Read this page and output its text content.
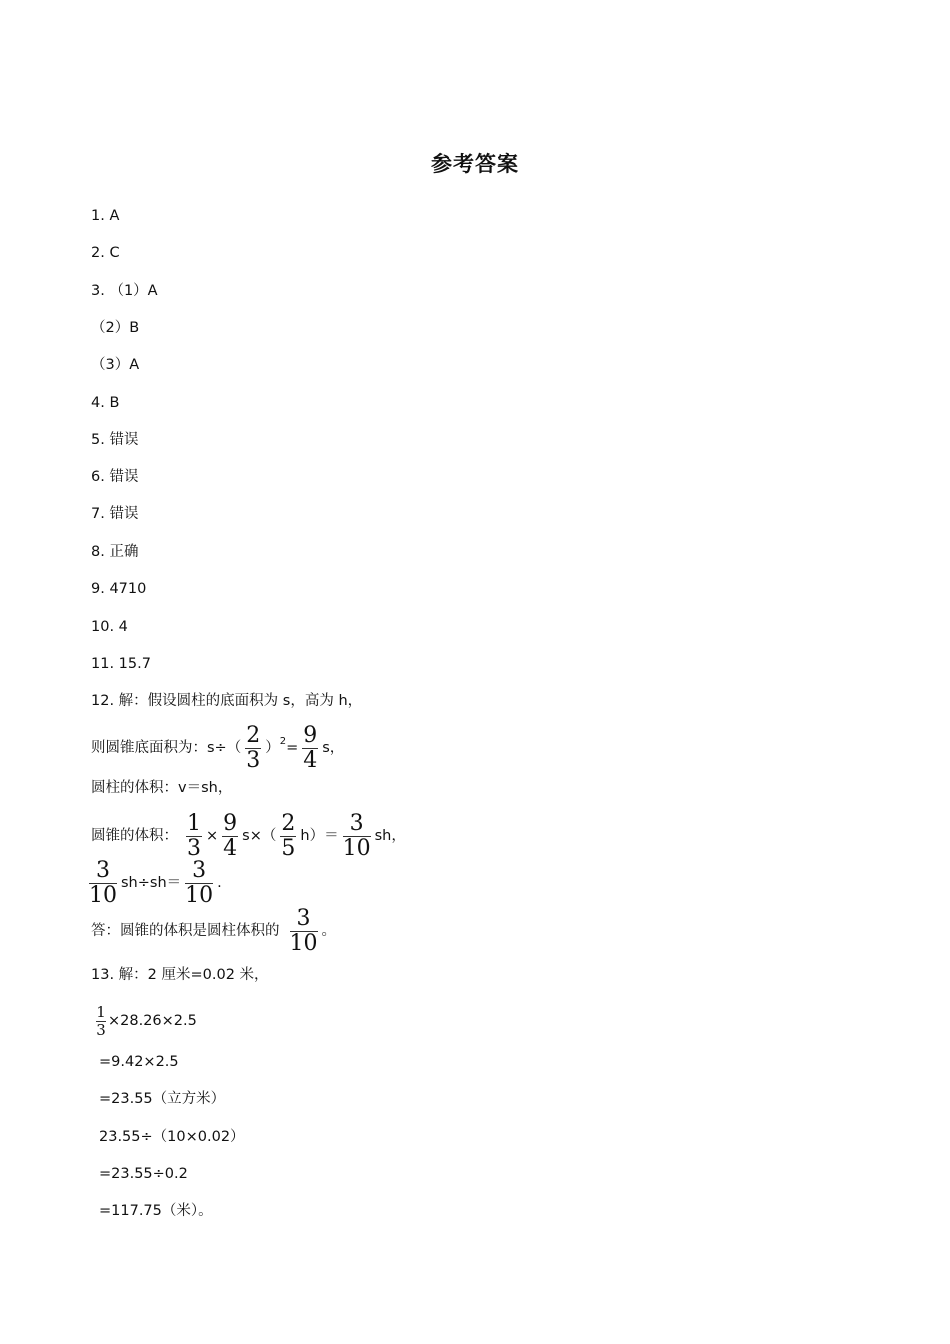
参考答案
1. A
2. C
3. （1）A
（2）B
（3）A
4. B
5. 错误
6. 错误
7. 错误
8. 正确
9. 4710
10. 4
11. 15.7
12. 解：假设圆柱的底面积为 s，高为 h，
则圆锥底面积为：$s\div( \frac{2}{3}$ ） $2 = \frac{9}{4}$ s，
圆柱的体积：v＝sh，
圆锥的体积： $\frac{1}{3} \times \frac{9}{4} s\times( \frac{2}{5} h)= \frac{3}{10}$ sh，
$\frac{3}{10} sh\div sh= \frac{3}{10}$ .
答：圆锥的体积是圆柱体积的 $\frac{3}{10}$ 。
13. 解：2 厘米=0.02 米，
$\frac{1}{3} \times 28.26\times 2.5$
=9.42×2.5
=23.55（立方米）
23.55÷（10×0.02）
=23.55÷0.2
=117.75（米）。
